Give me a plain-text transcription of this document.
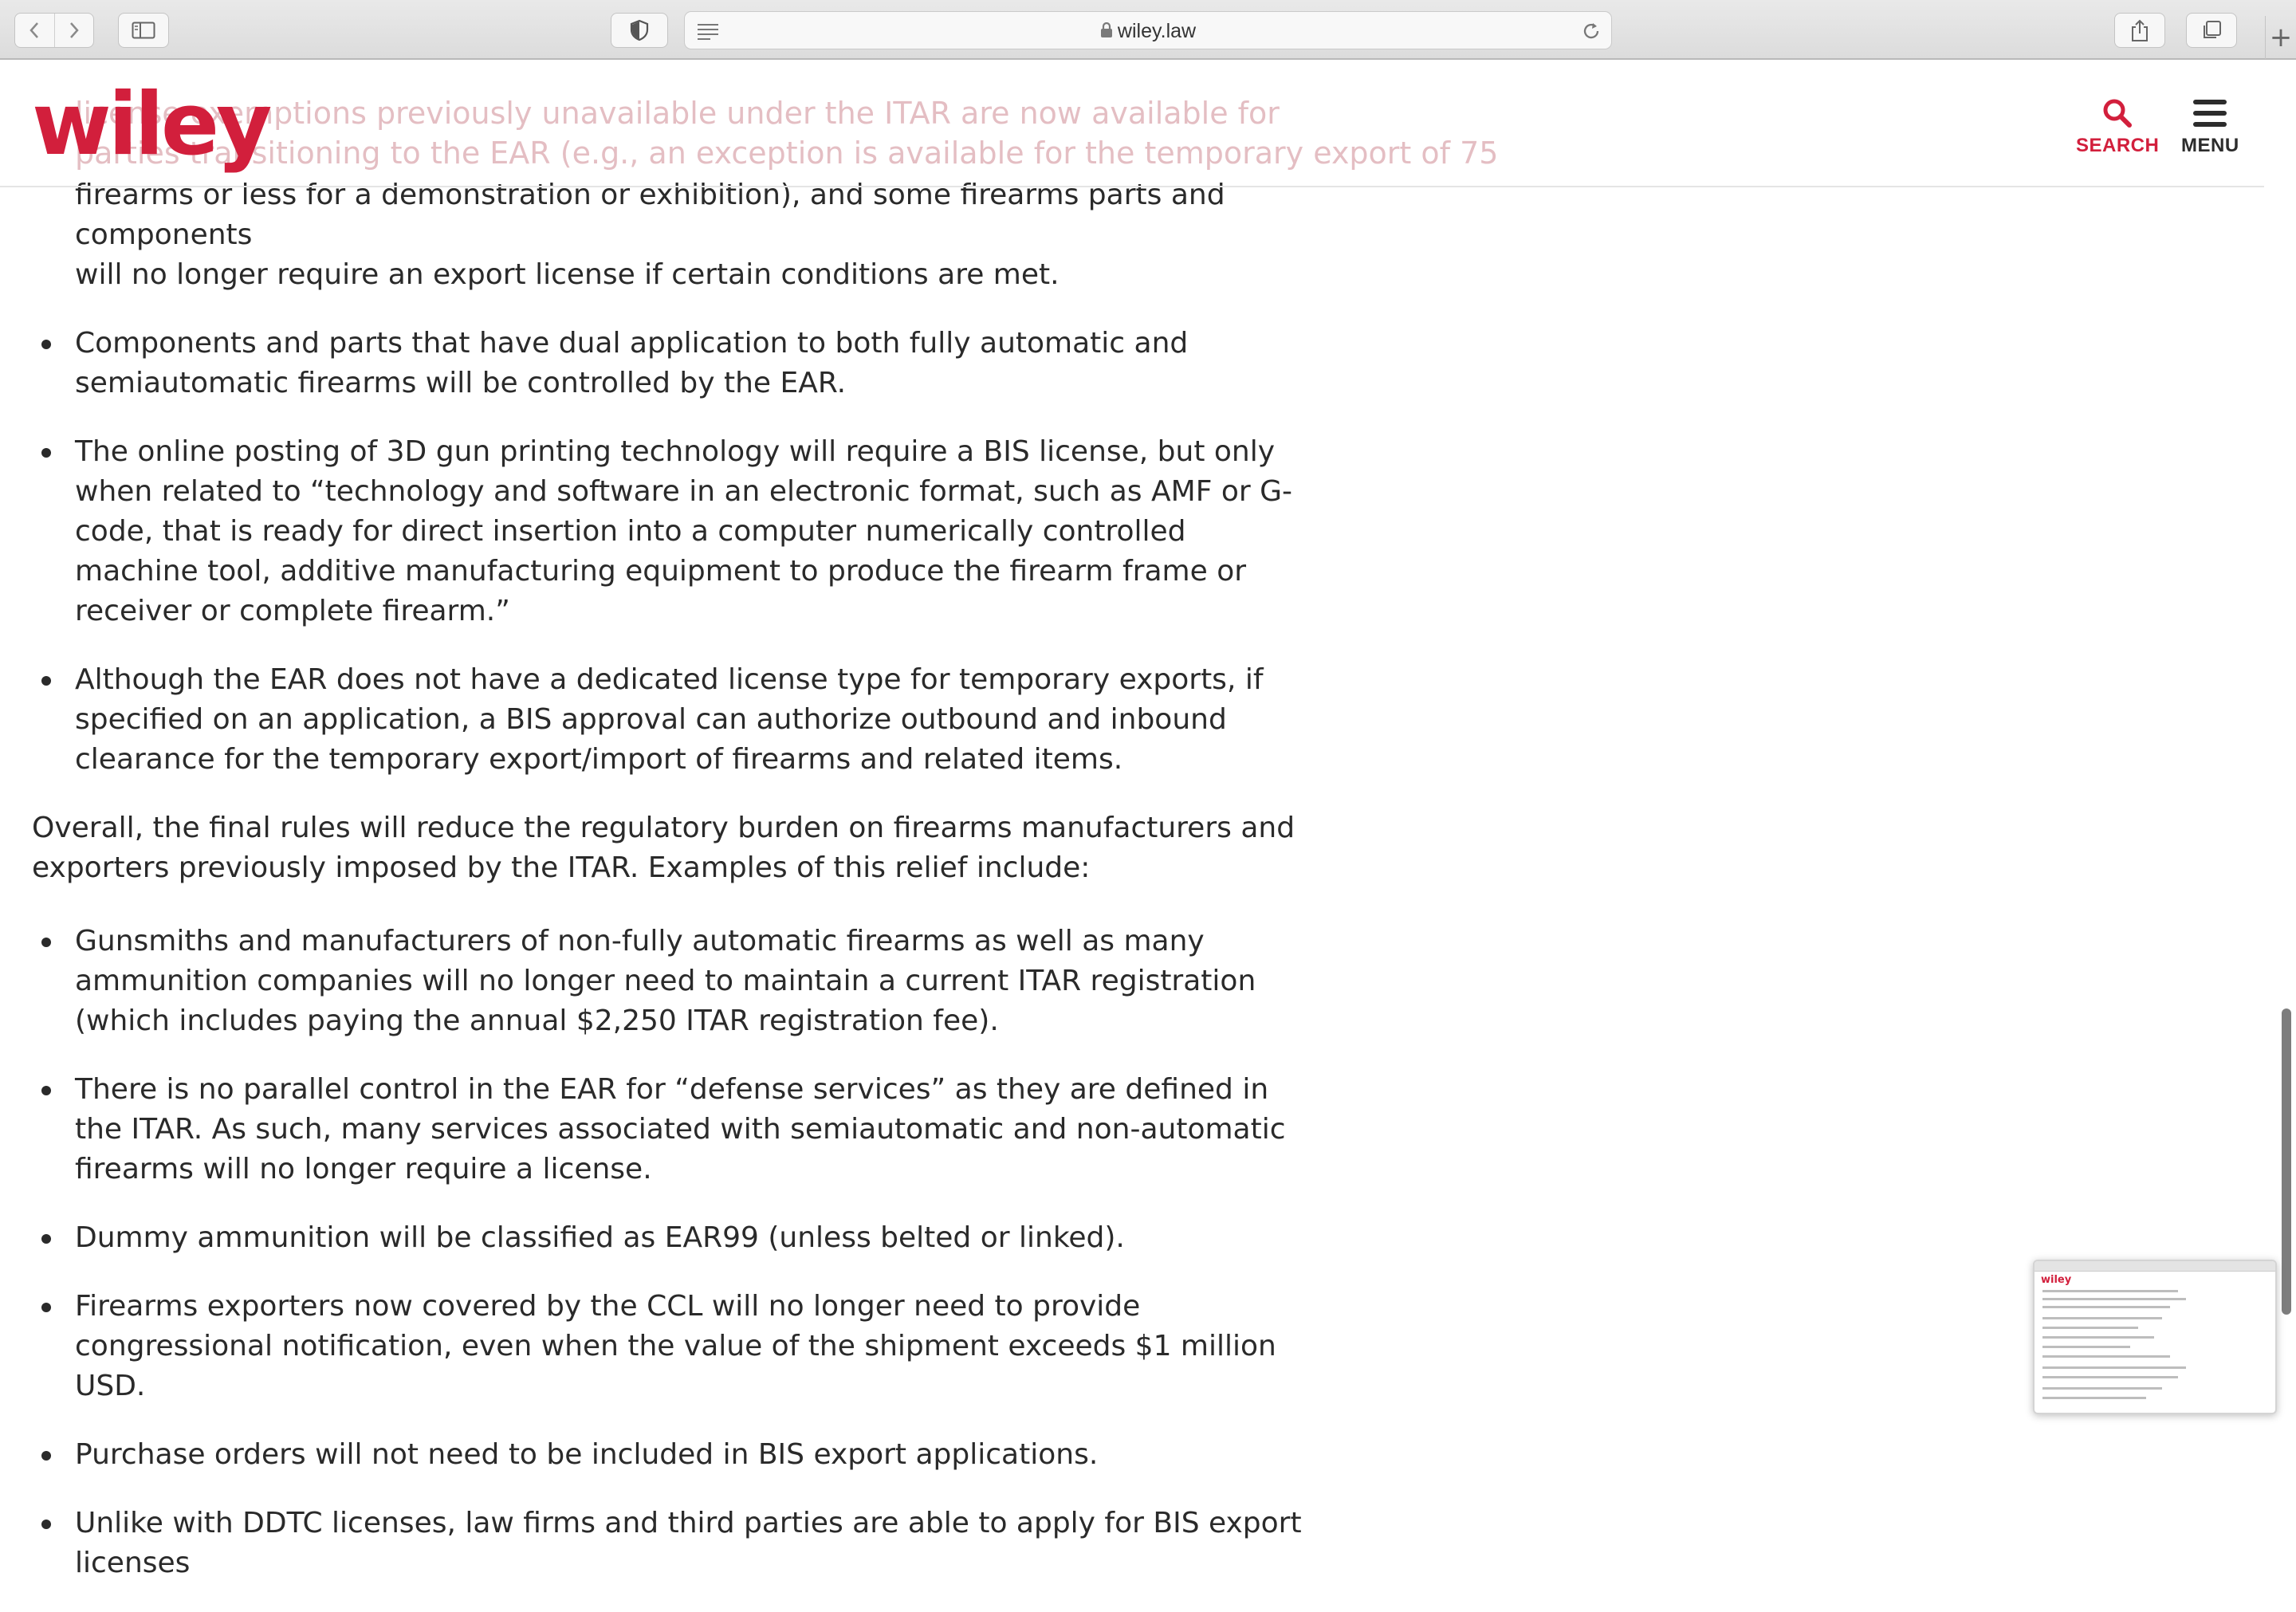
wiley.law	+
license exemptions previously unavailable under the ITAR are now available for
parties transitioning to the EAR (e.g., an exception is available for the temporary export of 75
wiley	SEARCH MENU
firearms or less for a demonstration or exhibition), and some firearms parts and components
will no longer require an export license if certain conditions are met.
Components and parts that have dual application to both fully automatic and semiautomatic firearms will be controlled by the EAR.
The online posting of 3D gun printing technology will require a BIS license, but only when related to “technology and software in an electronic format, such as AMF or G-code, that is ready for direct insertion into a computer numerically controlled machine tool, additive manufacturing equipment to produce the firearm frame or receiver or complete firearm.”
Although the EAR does not have a dedicated license type for temporary exports, if specified on an application, a BIS approval can authorize outbound and inbound clearance for the temporary export/import of firearms and related items.

Overall, the final rules will reduce the regulatory burden on firearms manufacturers and exporters previously imposed by the ITAR. Examples of this relief include:

Gunsmiths and manufacturers of non-fully automatic firearms as well as many ammunition companies will no longer need to maintain a current ITAR registration (which includes paying the annual $2,250 ITAR registration fee).
There is no parallel control in the EAR for “defense services” as they are defined in the ITAR. As such, many services associated with semiautomatic and non-automatic firearms will no longer require a license.
Dummy ammunition will be classified as EAR99 (unless belted or linked).
Firearms exporters now covered by the CCL will no longer need to provide congressional notification, even when the value of the shipment exceeds $1 million USD.
Purchase orders will not need to be included in BIS export applications.
Unlike with DDTC licenses, law firms and third parties are able to apply for BIS export licenses
wiley
